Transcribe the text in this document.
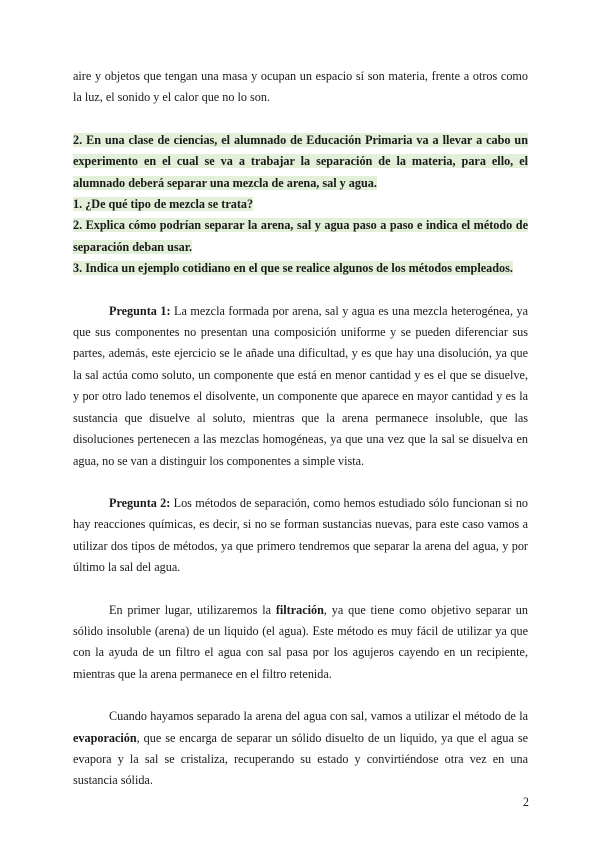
aire y objetos que tengan una masa y ocupan un espacio sí son materia, frente a otros como la luz, el sonido y el calor que no lo son.

2. En una clase de ciencias, el alumnado de Educación Primaria va a llevar a cabo un experimento en el cual se va a trabajar la separación de la materia, para ello, el alumnado deberá separar una mezcla de arena, sal y agua.

1. ¿De qué tipo de mezcla se trata?

2. Explica cómo podrían separar la arena, sal y agua paso a paso e indica el método de separación deban usar.

3. Indica un ejemplo cotidiano en el que se realice algunos de los métodos empleados.

Pregunta 1: La mezcla formada por arena, sal y agua es una mezcla heterogénea, ya que sus componentes no presentan una composición uniforme y se pueden diferenciar sus partes, además, este ejercicio se le añade una dificultad, y es que hay una disolución, ya que la sal actúa como soluto, un componente que está en menor cantidad y es el que se disuelve, y por otro lado tenemos el disolvente, un componente que aparece en mayor cantidad y es la sustancia que disuelve al soluto, mientras que la arena permanece insoluble, que las disoluciones pertenecen a las mezclas homogéneas, ya que una vez que la sal se disuelva en agua, no se van a distinguir los componentes a simple vista.

Pregunta 2: Los métodos de separación, como hemos estudiado sólo funcionan si no hay reacciones químicas, es decir, si no se forman sustancias nuevas, para este caso vamos a utilizar dos tipos de métodos, ya que primero tendremos que separar la arena del agua, y por último la sal del agua.

En primer lugar, utilizaremos la filtración, ya que tiene como objetivo separar un sólido insoluble (arena) de un liquido (el agua). Este método es muy fácil de utilizar ya que con la ayuda de un filtro el agua con sal pasa por los agujeros cayendo en un recipiente, mientras que la arena permanece en el filtro retenida.

Cuando hayamos separado la arena del agua con sal, vamos a utilizar el método de la evaporación, que se encarga de separar un sólido disuelto de un liquido, ya que el agua se evapora y la sal se cristaliza, recuperando su estado y convirtiéndose otra vez en una sustancia sólida.

2
